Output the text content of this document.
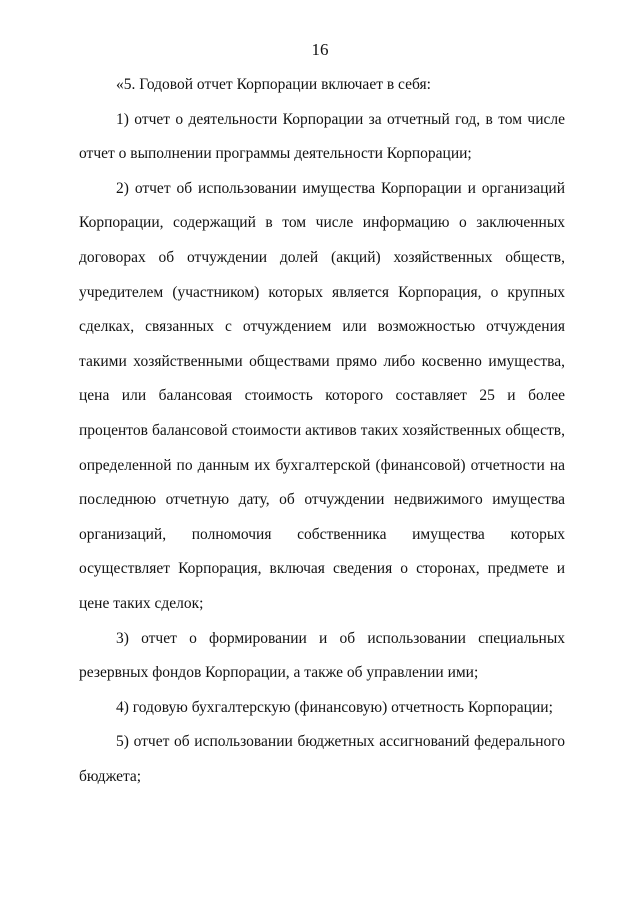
16

«5. Годовой отчет Корпорации включает в себя:

1) отчет о деятельности Корпорации за отчетный год, в том числе отчет о выполнении программы деятельности Корпорации;

2) отчет об использовании имущества Корпорации и организаций Корпорации, содержащий в том числе информацию о заключенных договорах об отчуждении долей (акций) хозяйственных обществ, учредителем (участником) которых является Корпорация, о крупных сделках, связанных с отчуждением или возможностью отчуждения такими хозяйственными обществами прямо либо косвенно имущества, цена или балансовая стоимость которого составляет 25 и более процентов балансовой стоимости активов таких хозяйственных обществ, определенной по данным их бухгалтерской (финансовой) отчетности на последнюю отчетную дату, об отчуждении недвижимого имущества организаций, полномочия собственника имущества которых осуществляет Корпорация, включая сведения о сторонах, предмете и цене таких сделок;

3) отчет о формировании и об использовании специальных резервных фондов Корпорации, а также об управлении ими;

4) годовую бухгалтерскую (финансовую) отчетность Корпорации;

5) отчет об использовании бюджетных ассигнований федерального бюджета;
